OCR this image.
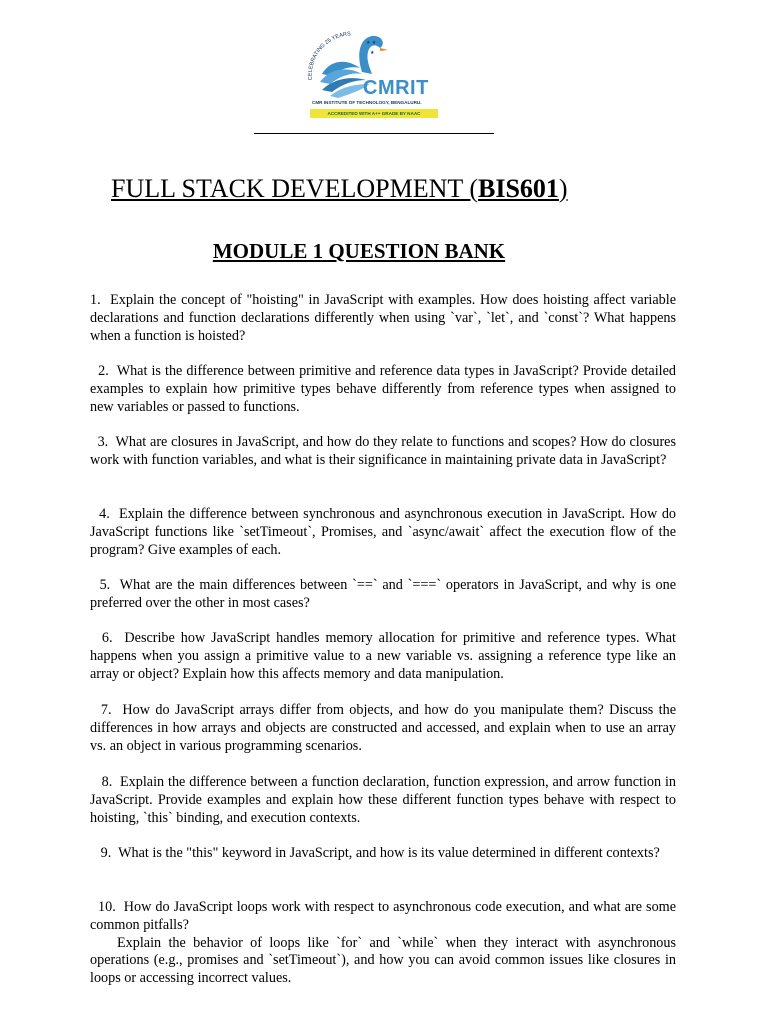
CELEBRATING 25 YEARS
★ ★
★
CMRIT
CMR INSTITUTE OF TECHNOLOGY, BENGALURU.
ACCREDITED WITH A++ GRADE BY NAAC
FULL STACK DEVELOPMENT (BIS601)
MODULE 1 QUESTION BANK
1.  Explain the concept of "hoisting" in JavaScript with examples. How does hoisting affect variable declarations and function declarations differently when using `var`, `let`, and `const`? What happens when a function is hoisted?
2.  What is the difference between primitive and reference data types in JavaScript? Provide detailed examples to explain how primitive types behave differently from reference types when assigned to new variables or passed to functions.
3.  What are closures in JavaScript, and how do they relate to functions and scopes? How do closures work with function variables, and what is their significance in maintaining private data in JavaScript?
4.  Explain the difference between synchronous and asynchronous execution in JavaScript. How do JavaScript functions like `setTimeout`, Promises, and `async/await` affect the execution flow of the program? Give examples of each.
5.  What are the main differences between `==` and `===` operators in JavaScript, and why is one preferred over the other in most cases?
6.  Describe how JavaScript handles memory allocation for primitive and reference types. What happens when you assign a primitive value to a new variable vs. assigning a reference type like an array or object? Explain how this affects memory and data manipulation.
7.  How do JavaScript arrays differ from objects, and how do you manipulate them? Discuss the differences in how arrays and objects are constructed and accessed, and explain when to use an array vs. an object in various programming scenarios.
8.  Explain the difference between a function declaration, function expression, and arrow function in JavaScript. Provide examples and explain how these different function types behave with respect to hoisting, `this` binding, and execution contexts.
9.  What is the "this" keyword in JavaScript, and how is its value determined in different contexts?
10.  How do JavaScript loops work with respect to asynchronous code execution, and what are some common pitfalls?
Explain the behavior of loops like `for` and `while` when they interact with asynchronous operations (e.g., promises and `setTimeout`), and how you can avoid common issues like closures in loops or accessing incorrect values.
